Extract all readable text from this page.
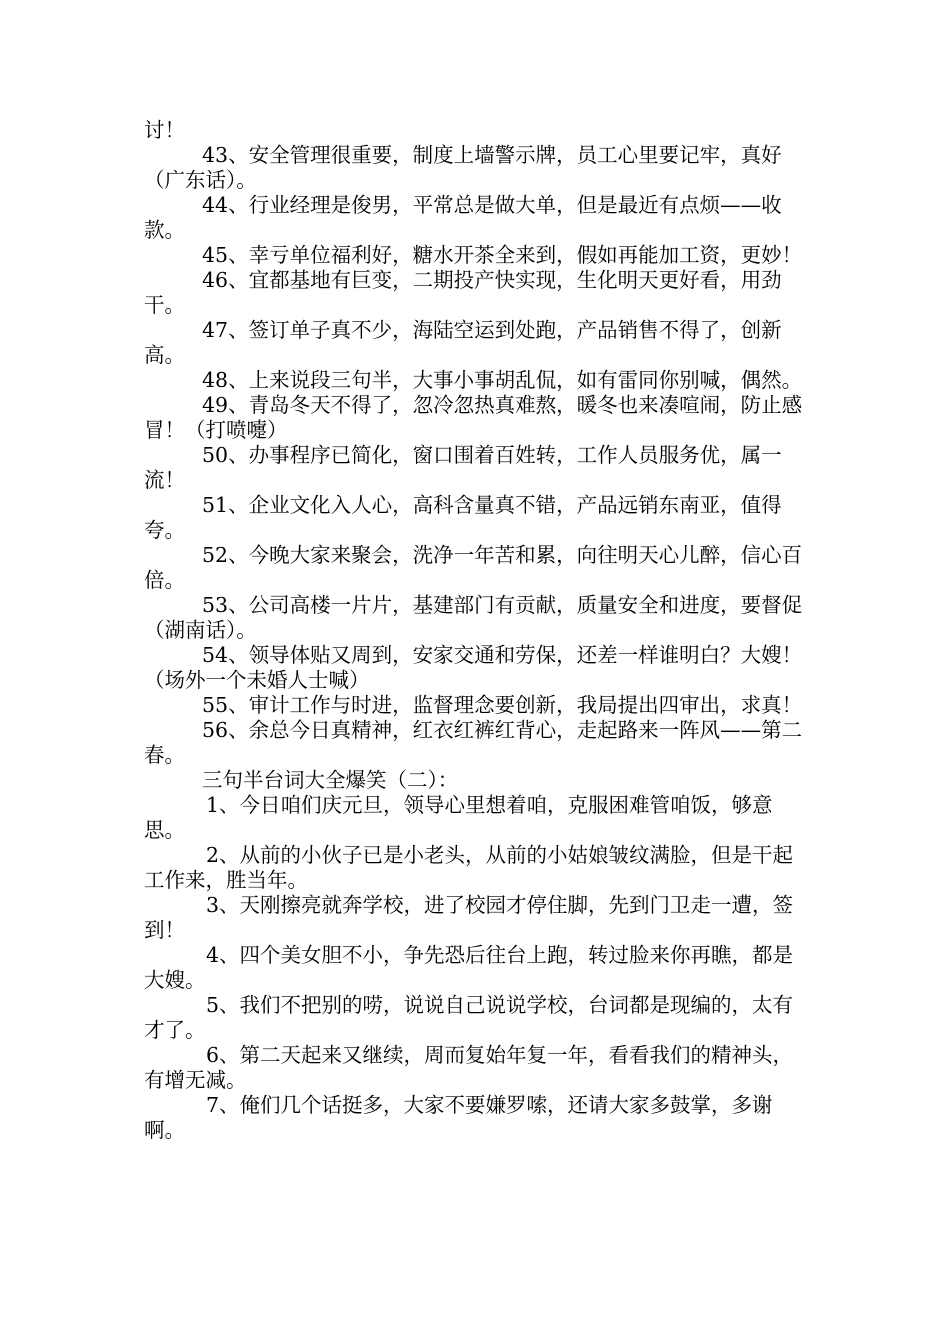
讨！

43、安全管理很重要，制度上墙警示牌，员工心里要记牢，真好（广东话）。

44、行业经理是俊男，平常总是做大单，但是最近有点烦——收款。

45、幸亏单位福利好，糖水开茶全来到，假如再能加工资，更妙！

46、宜都基地有巨变，二期投产快实现，生化明天更好看，用劲干。

47、签订单子真不少，海陆空运到处跑，产品销售不得了，创新高。

48、上来说段三句半，大事小事胡乱侃，如有雷同你别喊，偶然。

49、青岛冬天不得了，忽冷忽热真难熬，暖冬也来凑喧闹，防止感冒！（打喷嚏）

50、办事程序已简化，窗口围着百姓转，工作人员服务优，属一流！

51、企业文化入人心，高科含量真不错，产品远销东南亚，值得夸。

52、今晚大家来聚会，洗净一年苦和累，向往明天心儿醉，信心百倍。

53、公司高楼一片片，基建部门有贡献，质量安全和进度，要督促（湖南话）。

54、领导体贴又周到，安家交通和劳保，还差一样谁明白？大嫂！（场外一个未婚人士喊）

55、审计工作与时进，监督理念要创新，我局提出四审出，求真！

56、余总今日真精神，红衣红裤红背心，走起路来一阵风——第二春。

三句半台词大全爆笑（二）：

1、今日咱们庆元旦，领导心里想着咱，克服困难管咱饭，够意思。

2、从前的小伙子已是小老头，从前的小姑娘皱纹满脸，但是干起工作来，胜当年。

3、天刚擦亮就奔学校，进了校园才停住脚，先到门卫走一遭，签到！

4、四个美女胆不小，争先恐后往台上跑，转过脸来你再瞧，都是大嫂。

5、我们不把别的唠，说说自己说说学校，台词都是现编的，太有才了。

6、第二天起来又继续，周而复始年复一年，看看我们的精神头，有增无减。

7、俺们几个话挺多，大家不要嫌罗嗦，还请大家多鼓掌，多谢啊。
